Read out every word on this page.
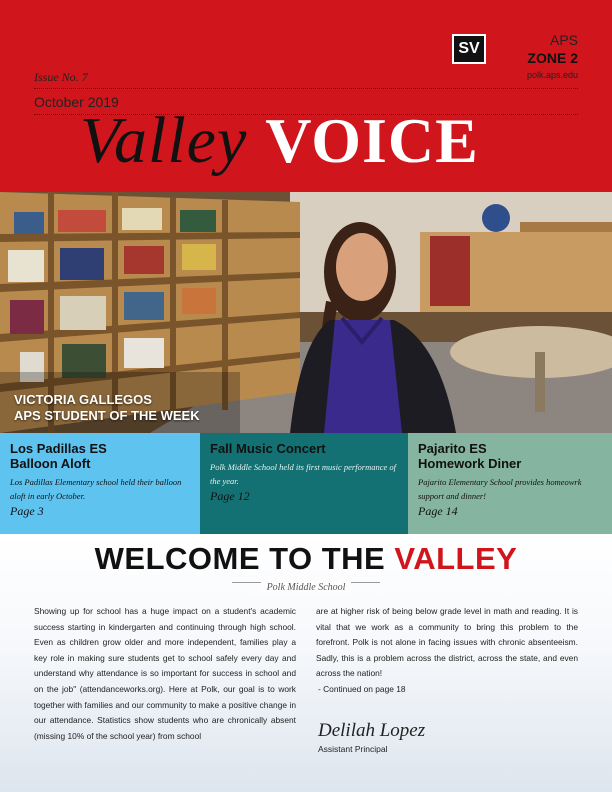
Issue No. 7
October 2019
Valley VOICE
SV	APS
ZONE 2
polk.aps.edu
VICTORIA GALLEGOS
APS STUDENT OF THE WEEK
Los Padillas ES
Balloon Aloft
Los Padillas Elementary school held their balloon aloft in early October.
Page 3
Fall Music Concert
Polk Middle School held its first music performance of the year.
Page 12
Pajarito ES
Homework Diner
Pajarito Elementary School provides homeowrk support and dinner!
Page 14
WELCOME TO THE VALLEY
Polk Middle School
Showing up for school has a huge impact on a student's academic success starting in kindergarten and continuing through high school. Even as children grow older and more independent, families play a key role in making sure students get to school safely every day and understand why attendance is so important for success in school and on the job" (attendanceworks.org). Here at Polk, our goal is to work together with families and our community to make a positive change in our attendance. Statistics show students who are chronically absent (missing 10% of the school year) from school
are at higher risk of being below grade level in math and reading. It is vital that we work as a community to bring this problem to the forefront. Polk is not alone in facing issues with chronic absenteeism. Sadly, this is a problem across the district, across the state, and even across the nation!
- Continued on page 18
Delilah Lopez
Assistant Principal
